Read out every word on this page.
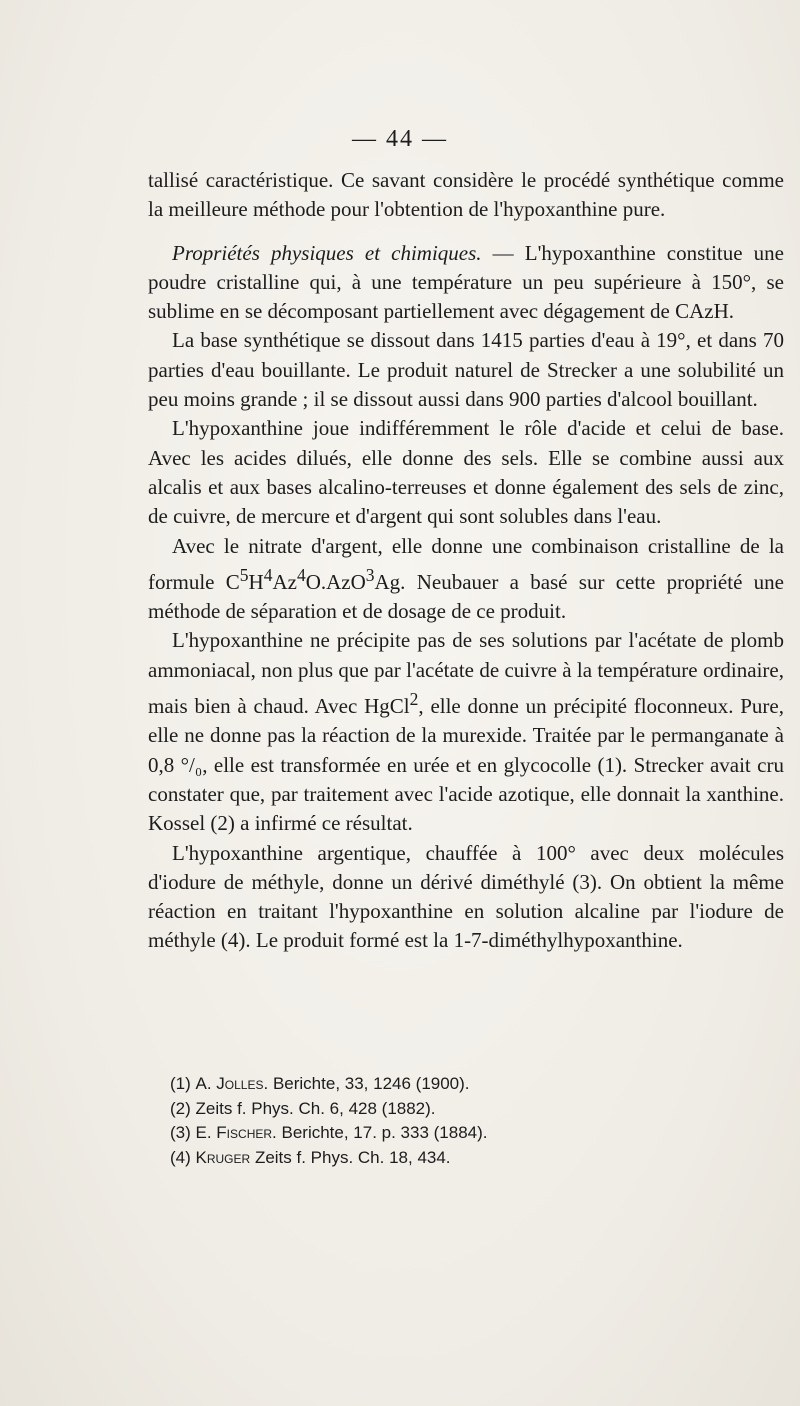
— 44 —

tallisé caractéristique. Ce savant considère le procédé synthétique comme la meilleure méthode pour l'obtention de l'hypoxanthine pure.

Propriétés physiques et chimiques. — L'hypoxanthine constitue une poudre cristalline qui, à une température un peu supérieure à 150°, se sublime en se décomposant partiellement avec dégagement de CAzH.

La base synthétique se dissout dans 1415 parties d'eau à 19°, et dans 70 parties d'eau bouillante. Le produit naturel de Strecker a une solubilité un peu moins grande ; il se dissout aussi dans 900 parties d'alcool bouillant.

L'hypoxanthine joue indifféremment le rôle d'acide et celui de base. Avec les acides dilués, elle donne des sels. Elle se combine aussi aux alcalis et aux bases alcalino-terreuses et donne également des sels de zinc, de cuivre, de mercure et d'argent qui sont solubles dans l'eau.

Avec le nitrate d'argent, elle donne une combinaison cristalline de la formule $C^5H^4Az^4O.AzO^3Ag$. Neubauer a basé sur cette propriété une méthode de séparation et de dosage de ce produit.

L'hypoxanthine ne précipite pas de ses solutions par l'acétate de plomb ammoniacal, non plus que par l'acétate de cuivre à la température ordinaire, mais bien à chaud. Avec HgCl$^2$, elle donne un précipité floconneux. Pure, elle ne donne pas la réaction de la murexide. Traitée par le permanganate à 0,8 °/₀, elle est transformée en urée et en glycocolle (1). Strecker avait cru constater que, par traitement avec l'acide azotique, elle donnait la xanthine. Kossel (2) a infirmé ce résultat.

L'hypoxanthine argentique, chauffée à 100° avec deux molécules d'iodure de méthyle, donne un dérivé diméthylé (3). On obtient la même réaction en traitant l'hypoxanthine en solution alcaline par l'iodure de méthyle (4). Le produit formé est la 1-7-diméthylhypoxanthine.

(1) A. Jolles. Berichte, 33, 1246 (1900).
(2) Zeits f. Phys. Ch. 6, 428 (1882).
(3) E. Fischer. Berichte, 17. p. 333 (1884).
(4) Kruger Zeits f. Phys. Ch. 18, 434.
